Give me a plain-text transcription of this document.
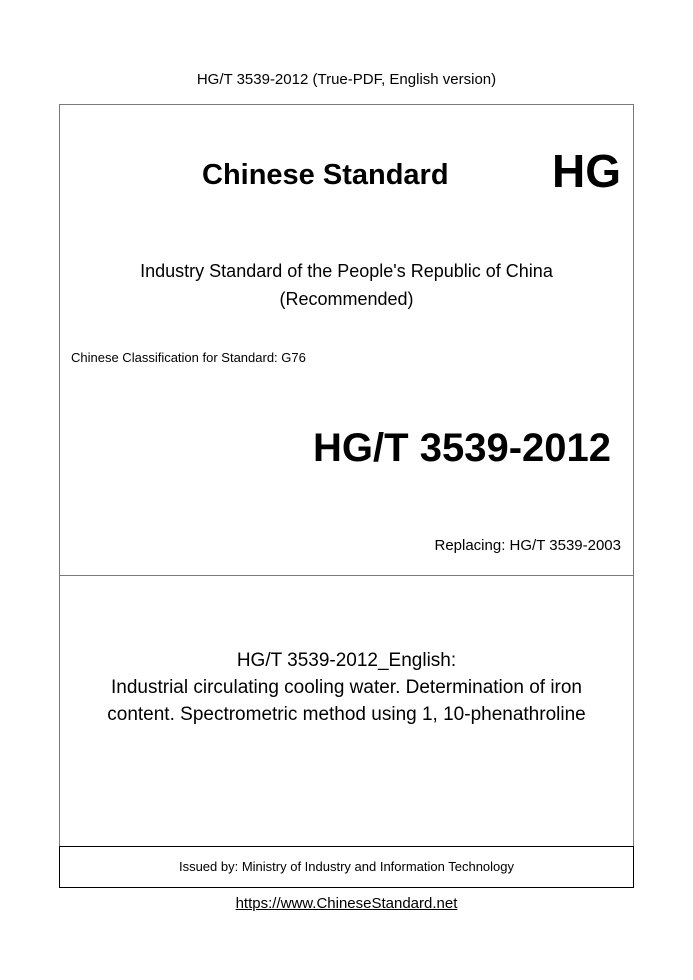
HG/T 3539-2012 (True-PDF, English version)
Chinese Standard HG
Industry Standard of the People's Republic of China
(Recommended)
Chinese Classification for Standard: G76
HG/T 3539-2012
Replacing: HG/T 3539-2003
HG/T 3539-2012_English:
Industrial circulating cooling water. Determination of iron
content. Spectrometric method using 1, 10-phenathroline
Issued by: Ministry of Industry and Information Technology
https://www.ChineseStandard.net
